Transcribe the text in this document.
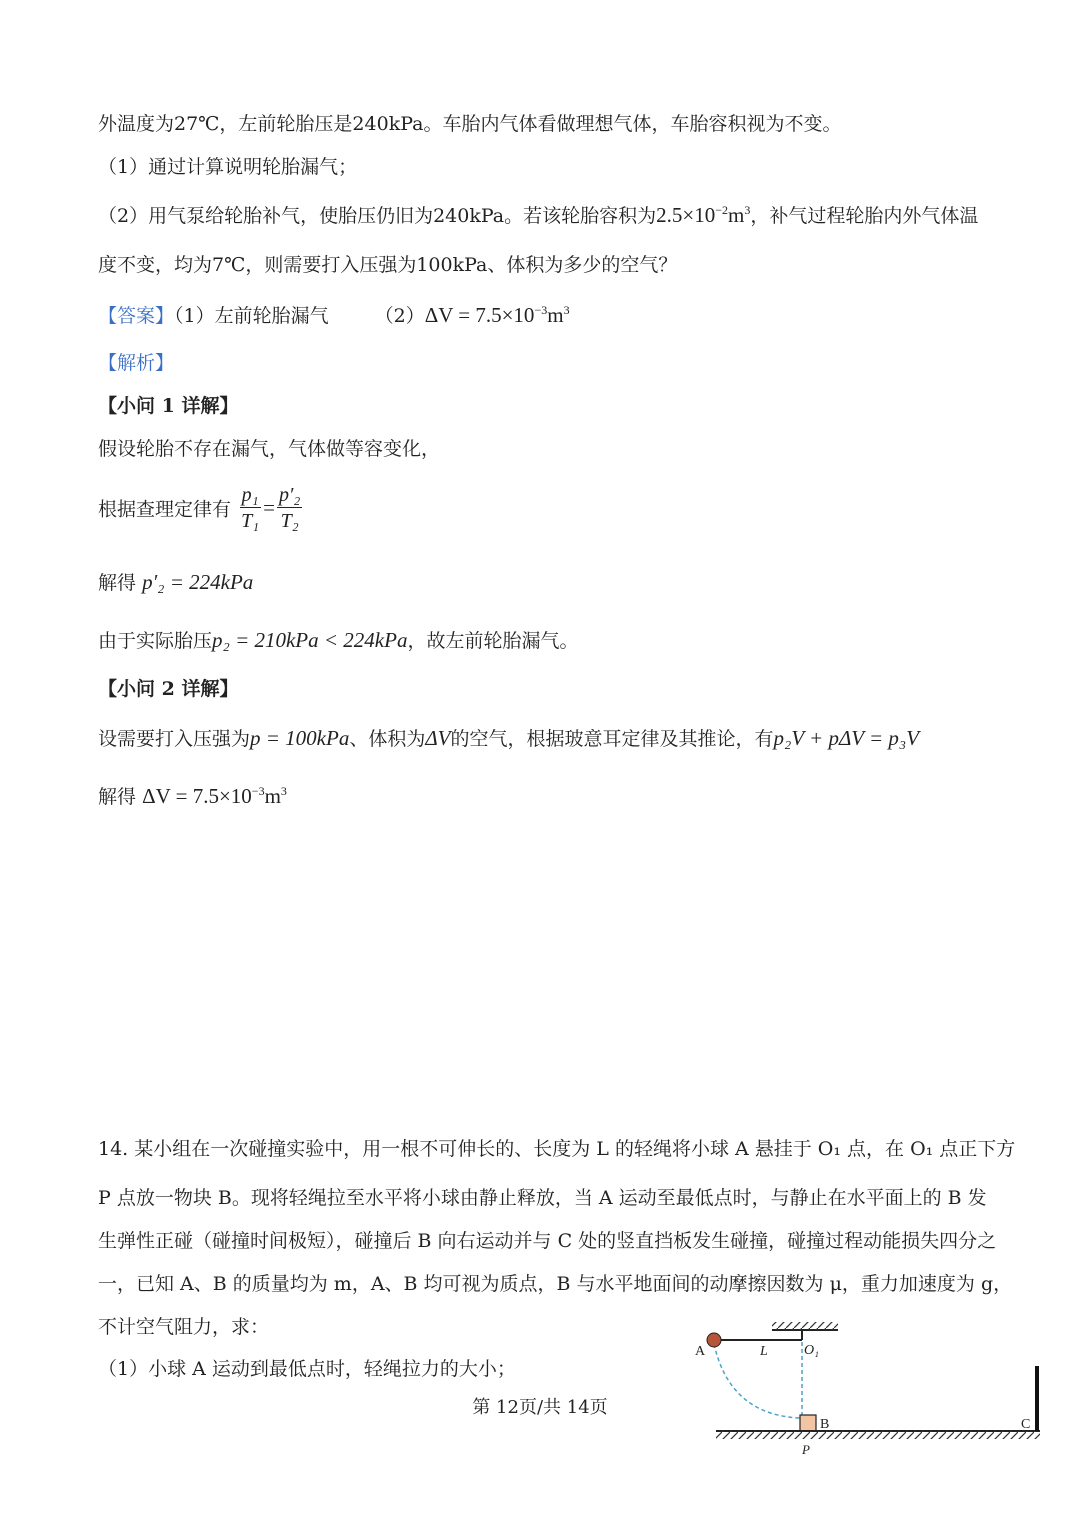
外温度为27℃，左前轮胎压是240kPa。车胎内气体看做理想气体，车胎容积视为不变。
（1）通过计算说明轮胎漏气；
（2）用气泵给轮胎补气，使胎压仍旧为240kPa。若该轮胎容积为$2.5\times 10^{-2}m^3$，补气过程轮胎内外气体温
度不变，均为7℃，则需要打入压强为100kPa、体积为多少的空气？
【答案】（1）左前轮胎漏气 $(2)\Delta V = 7.5\times 10^{-3}m^3$
【解析】
【小问 1 详解】
假设轮胎不存在漏气，气体做等容变化，
根据查理定律有 $\frac{\text{p₁}}{\text{T₁}} = \frac{\text{p′₂}}{\text{T₂}}$
解得 p′₂ = 224kPa
由于实际胎压p₂ = 210kPa < 224kPa，故左前轮胎漏气。
【小问 2 详解】
设需要打入压强为p = 100kPa、体积为ΔV的空气，根据玻意耳定律及其推论，有p₂V + pΔV = p₃V
解得 $\Delta V = 7.5\times 10^{-3}m^3$
14. 某小组在一次碰撞实验中，用一根不可伸长的、长度为 L 的轻绳将小球 A 悬挂于 O₁ 点，在 O₁ 点正下方
P 点放一物块 B。现将轻绳拉至水平将小球由静止释放，当 A 运动至最低点时，与静止在水平面上的 B 发
生弹性正碰（碰撞时间极短），碰撞后 B 向右运动并与 C 处的竖直挡板发生碰撞，碰撞过程动能损失四分之
一，已知 A、B 的质量均为 m，A、B 均可视为质点，B 与水平地面间的动摩擦因数为 μ，重力加速度为 g，
不计空气阻力，求：
（1）小球 A 运动到最低点时，轻绳拉力的大小；
第 12页/共 14页
A	L	O₁
B
P
C
